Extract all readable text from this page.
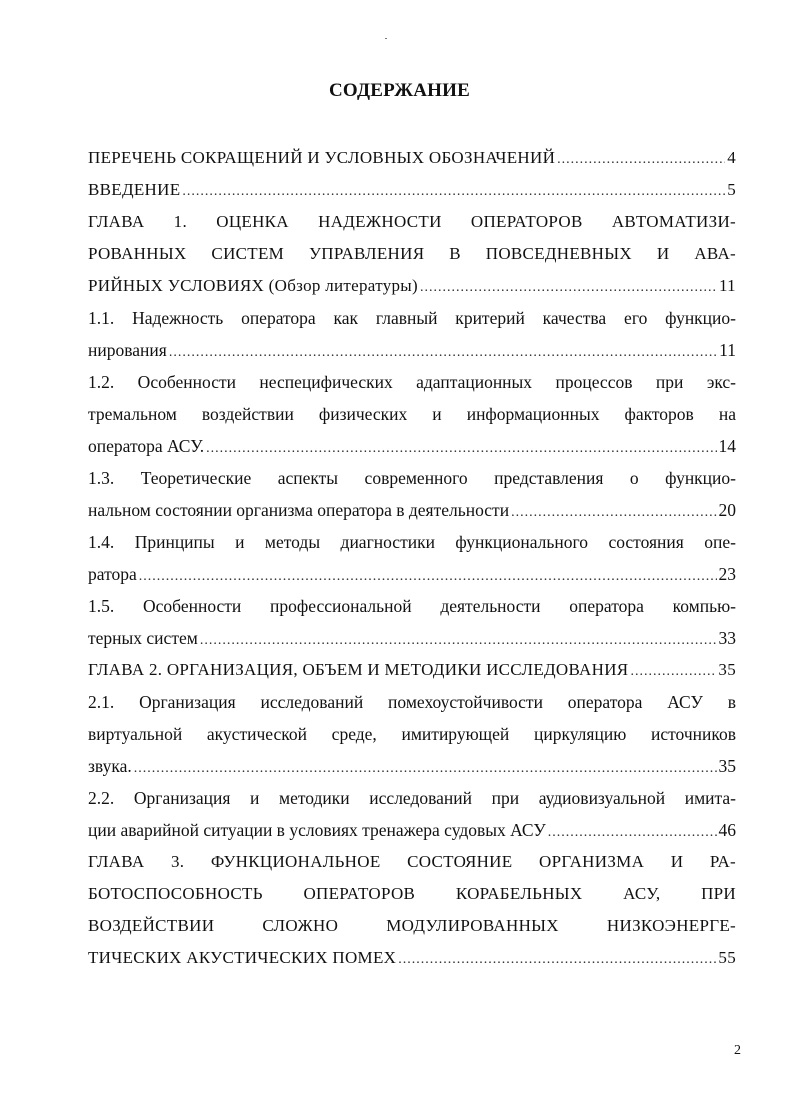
СОДЕРЖАНИЕ
ПЕРЕЧЕНЬ СОКРАЩЕНИЙ И УСЛОВНЫХ ОБОЗНАЧЕНИЙ .....	4
ВВЕДЕНИЕ .....	5
ГЛАВА 1. ОЦЕНКА НАДЕЖНОСТИ ОПЕРАТОРОВ АВТОМАТИЗИ-
РОВАННЫХ СИСТЕМ УПРАВЛЕНИЯ В ПОВСЕДНЕВНЫХ И АВА-
РИЙНЫХ УСЛОВИЯХ (Обзор литературы) .....	11
1.1. Надежность оператора как главный критерий качества его функцио-
нирования .....	11
1.2. Особенности неспецифических адаптационных процессов при экс-
тремальном воздействии физических и информационных факторов на
оператора АСУ. .....	14
1.3. Теоретические аспекты современного представления о функцио-
нальном состоянии организма оператора в деятельности .....	20
1.4. Принципы и методы диагностики функционального состояния опе-
ратора .....	23
1.5. Особенности профессиональной деятельности оператора компью-
терных систем .....	33
ГЛАВА 2. ОРГАНИЗАЦИЯ, ОБЪЕМ И МЕТОДИКИ ИССЛЕДОВАНИЯ .....	35
2.1. Организация исследований помехоустойчивости оператора АСУ в
виртуальной акустической среде, имитирующей циркуляцию источников
звука. .....	35
2.2. Организация и методики исследований при аудиовизуальной имита-
ции аварийной ситуации в условиях тренажера судовых АСУ .....	46
ГЛАВА 3. ФУНКЦИОНАЛЬНОЕ СОСТОЯНИЕ ОРГАНИЗМА И РА-
БОТОСПОСОБНОСТЬ ОПЕРАТОРОВ КОРАБЕЛЬНЫХ АСУ, ПРИ
ВОЗДЕЙСТВИИ СЛОЖНО МОДУЛИРОВАННЫХ НИЗКОЭНЕРГЕ-
ТИЧЕСКИХ АКУСТИЧЕСКИХ ПОМЕХ .....	55
2
